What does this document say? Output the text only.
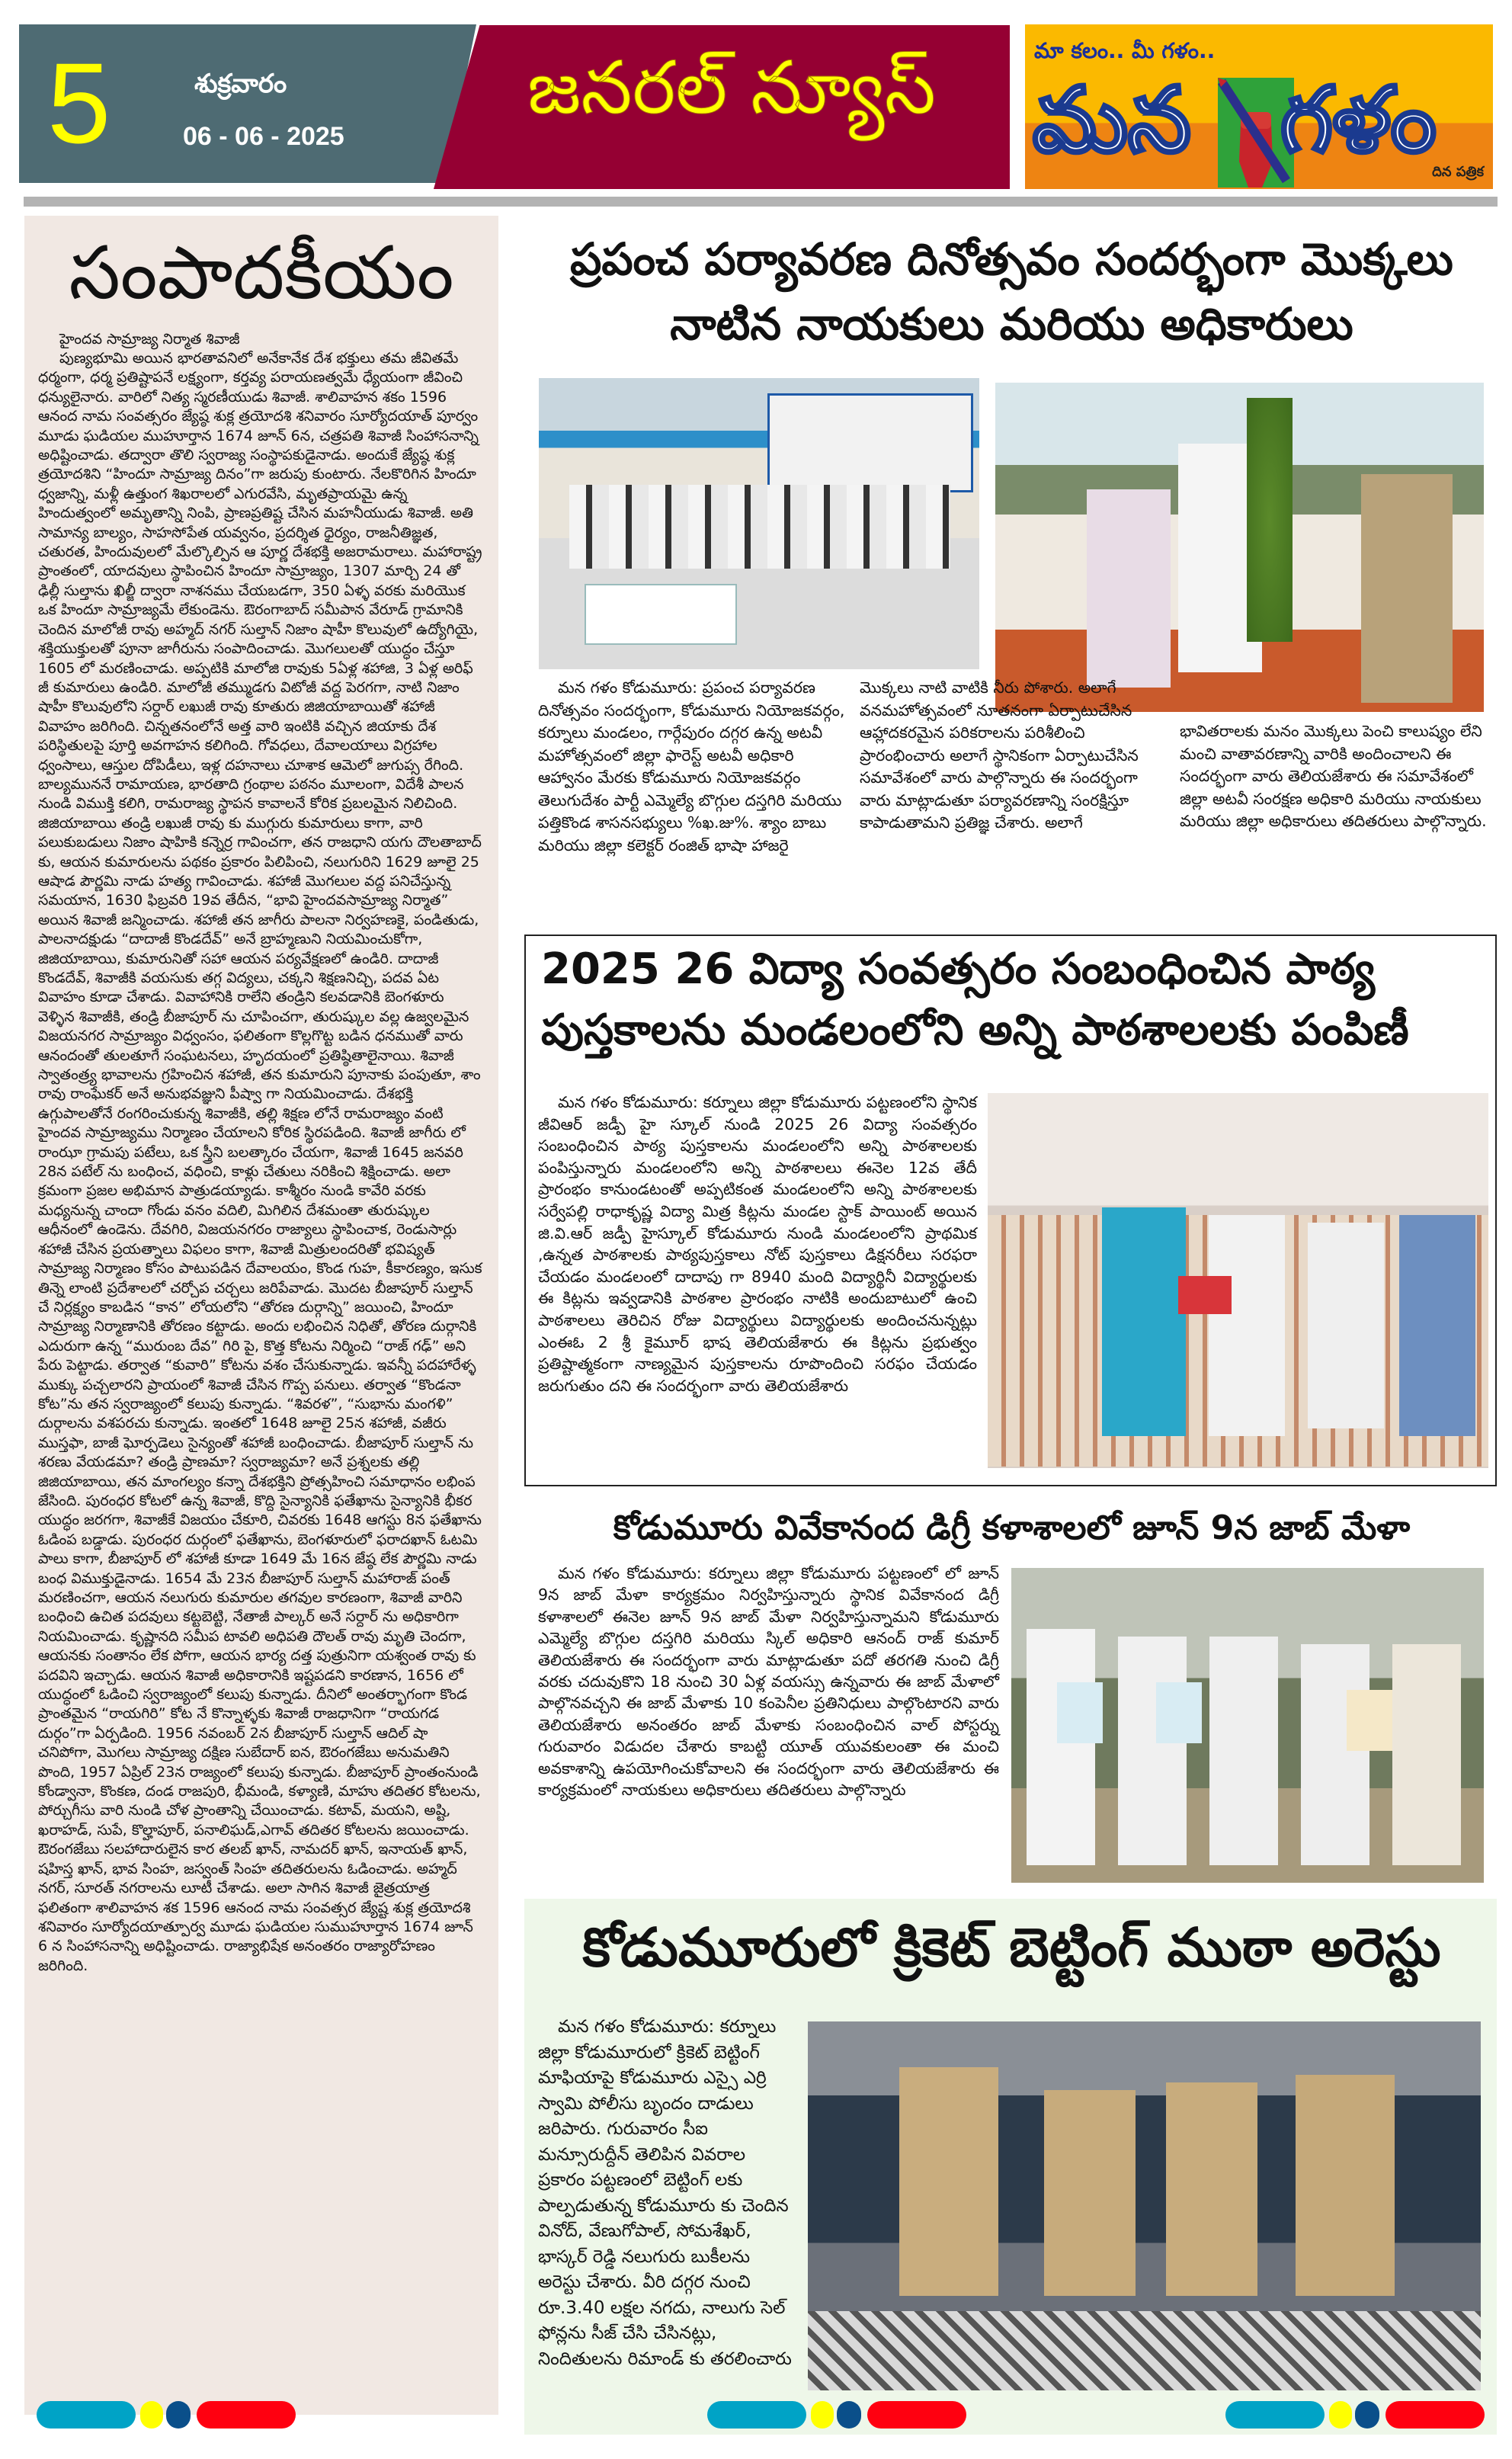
5	శుక్రవారం
06 - 06 - 2025
జనరల్ న్యూస్	మా కలం.. మీ గళం..
మన గళం
దిన పత్రిక
సంపాదకీయం
హైందవ సామ్రాజ్య నిర్మాత శివాజీ

పుణ్యభూమి అయిన భారతావనిలో అనేకానేక దేశ భక్తులు తమ జీవితమే ధర్మంగా, ధర్మ ప్రతిష్టాపనే లక్ష్యంగా, కర్తవ్య పరాయణత్వమే ధ్యేయంగా జీవించి ధన్యులైనారు. వారిలో నిత్య స్మరణీయుడు శివాజీ. శాలివాహన శకం 1596 ఆనంద నామ సంవత్సరం జ్యేష్ఠ శుక్ల త్రయోదశి శనివారం సూర్యోదయాత్ పూర్వం మూడు ఘడియల ముహూర్తాన 1674 జూన్ 6న, చత్రపతి శివాజీ సింహాసనాన్ని అధిష్టించాడు. తద్వారా తొలి స్వరాజ్య సంస్థాపకుడైనాడు. అందుకే జ్యేష్ఠ శుక్ల త్రయోదశిని “హిందూ సామ్రాజ్య దినం”గా జరుపు కుంటారు. నేలకొరిగిన హిందూ ధ్వజాన్ని, మళ్లీ ఉత్తుంగ శిఖరాలలో ఎగురవేసి, మృతప్రాయమై ఉన్న హిందుత్వంలో అమృతాన్ని నింపి, ప్రాణప్రతిష్ట చేసిన మహనీయుడు శివాజీ. అతి సామాన్య బాల్యం, సాహసోపేత యవ్వనం, ప్రదర్శిత ధైర్యం, రాజనీతిజ్ఞత, చతురత, హిందువులలో మేల్కొల్పిన ఆ పూర్ణ దేశభక్తి అజరామరాలు. మహారాష్ట్ర ప్రాంతంలో, యాదవులు స్థాపించిన హిందూ సామ్రాజ్యం, 1307 మార్చి 24 తో ఢిల్లీ సుల్తాను ఖిల్జీ ద్వారా నాశనము చేయబడగా, 350 ఏళ్ళ వరకు మరియొక ఒక హిందూ సామ్రాజ్యమే లేకుండెను. ఔరంగాబాద్ సమీపాన వేరూడ్ గ్రామానికి చెందిన మాలోజీ రావు అహ్మద్ నగర్ సుల్తాన్ నిజాం షాహీ కొలువులో ఉద్యోగియై, శక్తియుక్తులతో పూనా జాగీరును సంపాదించాడు. మొగలులతో యుద్ధం చేస్తూ 1605 లో మరణించాడు. అప్పటికి మాలోజి రావుకు 5ఏళ్ల శహాజి, 3 ఏళ్ల అరిఫ్ జీ కుమారులు ఉండిరి. మాలోజీ తమ్ముడగు విటోజీ వద్ద పెరగగా, నాటి నిజాం షాహీ కొలువులోని సర్దార్ లఖుజీ రావు కూతురు జిజియాబాయితో శహాజీ వివాహం జరిగింది. చిన్నతనంలోనే అత్త వారి ఇంటికి వచ్చిన జియాకు దేశ పరిస్థితులపై పూర్తి అవగాహన కలిగింది. గోవధలు, దేవాలయాలు విగ్రహాల ధ్వంసాలు, ఆస్తుల దోపిడీలు, ఇళ్ల దహనాలు చూశాక ఆమెలో జుగుప్స రేగింది. బాల్యముననే రామాయణ, భారతాది గ్రంథాల పఠనం మూలంగా, విదేశీ పాలన నుండి విముక్తి కలిగి, రామరాజ్య స్థాపన కావాలనే కోరిక ప్రబలమైన నిలిచింది. జిజియాబాయి తండ్రి లఖుజీ రావు కు ముగ్గురు కుమారులు కాగా, వారి పలుకుబడులు నిజాం షాహికి కన్నెర్ర గావించగా, తన రాజధాని యగు దౌలతాబాద్ కు, ఆయన కుమారులను పథకం ప్రకారం పిలిపించి, నలుగురిని 1629 జూలై 25 ఆషాడ పౌర్ణమి నాడు హత్య గావించాడు. శహాజీ మొగలుల వద్ద పనిచేస్తున్న సమయాన, 1630 ఫిబ్రవరి 19వ తేదీన, “భావి హైందవసామ్రాజ్య నిర్మాత” అయిన శివాజీ జన్మించాడు. శహాజీ తన జాగీరు పాలనా నిర్వహణకై, పండితుడు, పాలనాదక్షుడు “దాదాజీ కొండదేవ్” అనే బ్రాహ్మణుని నియమించుకోగా, జిజియాబాయి, కుమారునితో సహా ఆయన పర్యవేక్షణలో ఉండిరి. దాదాజీ కొండదేవ్, శివాజీకి వయసుకు తగ్గ విద్యలు, చక్కని శిక్షణనిచ్చి, పదవ ఏట వివాహం కూడా చేశాడు. వివాహానికి రాలేని తండ్రిని కలవడానికి బెంగళూరు వెళ్ళిన శివాజీకి, తండ్రి బీజాపూర్ ను చూపించగా, తురుష్కుల వల్ల ఉజ్వలమైన విజయనగర సామ్రాజ్యం విధ్వంసం, ఫలితంగా కొల్లగొట్ట బడిన ధనముతో వారు ఆనందంతో తులతూగే సంఘటనలు, హృదయంలో ప్రతిష్ఠితాలైనాయి. శివాజీ స్వాతంత్ర్య భావాలను గ్రహించిన శహాజీ, తన కుమారుని పూనాకు పంపుతూ, శాం రావు రాంఘేకర్ అనే అనుభవజ్ఞుని పీష్వా గా నియమించాడు. దేశభక్తి ఉగ్గుపాలతోనే రంగరించుకున్న శివాజీకి, తల్లి శిక్షణ లోనే రామరాజ్యం వంటి హైందవ సామ్రాజ్యము నిర్మాణం చేయాలని కోరిక స్థిరపడింది. శివాజీ జాగీరు లో రాంఝా గ్రామపు పటేలు, ఒక స్త్రీని బలత్కారం చేయగా, శివాజీ 1645 జనవరి 28న పటేల్ ను బంధించ, వధించి, కాళ్లు చేతులు నరికించి శిక్షించాడు. అలా క్రమంగా ప్రజల అభిమాన పాత్రుడయ్యాడు. కాశ్మీరం నుండి కావేరి వరకు మధ్యనున్న చాందా గోండు వనం వదిలి, మిగిలిన దేశమంతా తురుష్కుల ఆధీనంలో ఉండెను. దేవగిరి, విజయనగరం రాజ్యాలు స్థాపించాక, రెండుసార్లు శహాజీ చేసిన ప్రయత్నాలు విఫలం కాగా, శివాజీ మిత్రులందరితో భవిష్యత్ సామ్రాజ్య నిర్మాణం కోసం పాటుపడిన దేవాలయం, కొండ గుహ, కీకారణ్యం, ఇసుక తిన్నె లాంటి ప్రదేశాలలో చర్చోప చర్చలు జరిపేవాడు. మొదట బీజాపూర్ సుల్తాన్ చే నిర్లక్ష్యం కాబడిన “కాన” లోయలోని “తోరణ దుర్గాన్ని” జయించి, హిందూ సామ్రాజ్య నిర్మాణానికి తోరణం కట్టాడు. అందు లభించిన నిధితో, తోరణ దుర్గానికి ఎదురుగా ఉన్న “మురుంబ దేవ” గిరి పై, కొత్త కోటను నిర్మించి “రాజ్ గఢ్” అని పేరు పెట్టాడు. తర్వాత “కువారి” కోటను వశం చేసుకున్నాడు. ఇవన్నీ పదహారేళ్ళ ముక్కు పచ్చలారని ప్రాయంలో శివాజీ చేసిన గొప్ప పనులు. తర్వాత “కొండనా కోట”ను తన స్వరాజ్యంలో కలుపు కున్నాడు. “శివరళ”, “సుభాను మంగళి” దుర్గాలను వశపరచు కున్నాడు. ఇంతలో 1648 జూలై 25న శహాజీ, వజీరు ముస్తఫా, బాజీ ఘోర్పడెలు సైన్యంతో శహాజీ బంధించాడు. బీజాపూర్ సుల్తాన్ ను శరణు వేయడమా? తండ్రి ప్రాణమా? స్వరాజ్యమా? అనే ప్రశ్నలకు తల్లి జిజియాబాయి, తన మాంగల్యం కన్నా దేశభక్తిని ప్రోత్సహించి సమాధానం లభింప జేసింది. పురంధర కోటలో ఉన్న శివాజీ, కొద్ది సైన్యానికి ఫతేఖాను సైన్యానికి భీకర యుద్ధం జరగగా, శివాజీకే విజయం చేకూరి, చివరకు 1648 ఆగస్టు 8న ఫతేఖాను ఓడింప బడ్డాడు. పురంధర దుర్గంలో ఫతేఖాను, బెంగళూరులో ఫరాదఖాన్ ఓటమి పాలు కాగా, బీజాపూర్ లో శహాజీ కూడా 1649 మే 16న జేష్ఠ లేక పౌర్ణమి నాడు బంధ విముక్తుడైనాడు. 1654 మే 23న బీజాపూర్ సుల్తాన్ మహారాజ్ పంత్ మరణించగా, ఆయన నలుగురు కుమారుల తగవుల కారణంగా, శివాజీ వారిని బంధించి ఉచిత పదవులు కట్టబెట్టి, నేతాజీ పాల్కర్ అనే సర్దార్ ను అధికారిగా నియమించాడు. కృష్ణానది సమీప టావలి అధిపతి దౌలత్ రావు మృతి చెందగా, ఆయనకు సంతానం లేక పోగా, ఆయన భార్య దత్త పుత్రునిగా యశ్వంత రావు కు పదవిని ఇచ్చాడు. ఆయన శివాజీ అధికారానికి ఇష్టపడని కారణాన, 1656 లో యుద్ధంలో ఓడించి స్వరాజ్యంలో కలుపు కున్నాడు. దీనిలో అంతర్భాగంగా కొండ ప్రాంతమైన “రాయగిరి” కోట నే కొన్నాళ్ళకు శివాజీ రాజధానిగా “రాయగడ దుర్గం”గా ఏర్పడింది. 1956 నవంబర్ 2న బీజాపూర్ సుల్తాన్ ఆదిల్ షా చనిపోగా, మొగలు సామ్రాజ్య దక్షిణ సుబేదార్ ఐన, ఔరంగజేబు అనుమతిని పొంది, 1957 ఏప్రిల్ 23న రాజ్యంలో కలుపు కున్నాడు. బీజాపూర్ ప్రాంతంనుండి కోండ్వానా, కొంకణ, దండ రాజపురి, భీమండి, కళ్యాణి, మాహు తదితర కోటలను, పోర్చుగీసు వారి నుండి చోళ ప్రాంతాన్ని చేయించాడు. కటావ్, మయని, అష్టి, ఖరాహడ్, సుపే, కొల్హాపూర్, పనాలిఘడ్,ఎగావ్ తదితర కోటలను జయించాడు. ఔరంగజేబు సలహాదారులైన కార తలబ్ ఖాన్, నామదర్ ఖాన్, ఇనాయత్ ఖాన్, షహిస్త ఖాన్, భావ సింహ, జస్వంత్ సింహ తదితరులను ఓడించాడు. అహ్మద్ నగర్, సూరత్ నగరాలను లూటీ చేశాడు. అలా సాగిన శివాజీ జైత్రయాత్ర ఫలితంగా శాలివాహన శక 1596 ఆనంద నామ సంవత్సర జ్యేష్ట శుక్ల త్రయోదశి శనివారం సూర్యోదయాత్పూర్వ మూడు ఘడియల సుముహూర్తాన 1674 జూన్ 6 న సింహాసనాన్ని అధిష్టించాడు. రాజ్యాభిషేక అనంతరం రాజ్యారోహణం జరిగింది.

ప్రపంచ పర్యావరణ దినోత్సవం సందర్భంగా మొక్కలు
నాటిన నాయకులు మరియు అధికారులు
మన గళం కోడుమూరు: ప్రపంచ పర్యావరణ దినోత్సవం సందర్భంగా, కోడుమూరు నియోజకవర్గం, కర్నూలు మండలం, గార్గేపురం దగ్గర ఉన్న అటవీ మహోత్సవంలో జిల్లా ఫారెస్ట్ అటవీ అధికారి ఆహ్వానం మేరకు కోడుమూరు నియోజకవర్గం తెలుగుదేశం పార్టీ ఎమ్మెల్యే బొగ్గుల దస్తగిరి మరియు పత్తికొండ శాసనసభ్యులు %ఖ.జు%. శ్యాం బాబు మరియు జిల్లా కలెక్టర్ రంజిత్ భాషా హాజరై
మొక్కలు నాటి వాటికి నీరు పోశారు. అలాగే వనమహోత్సవంలో నూతనంగా ఏర్పాటుచేసిన ఆహ్లాదకరమైన పరికరాలను పరిశీలించి ప్రారంభించారు అలాగే స్థానికంగా ఏర్పాటుచేసిన సమావేశంలో వారు పాల్గొన్నారు ఈ సందర్భంగా వారు మాట్లాడుతూ పర్యావరణాన్ని సంరక్షిస్తూ కాపాడుతామని ప్రతిజ్ఞ చేశారు. అలాగే
భావితరాలకు మనం మొక్కలు పెంచి కాలుష్యం లేని మంచి వాతావరణాన్ని వారికి అందించాలని ఈ సందర్భంగా వారు తెలియజేశారు ఈ సమావేశంలో జిల్లా అటవీ సంరక్షణ అధికారి మరియు నాయకులు మరియు జిల్లా అధికారులు తదితరులు పాల్గొన్నారు.
2025 26 విద్యా సంవత్సరం సంబంధించిన పాఠ్య
పుస్తకాలను మండలంలోని అన్ని పాఠశాలలకు పంపిణీ
మన గళం కోడుమూరు: కర్నూలు జిల్లా కోడుమూరు పట్టణంలోని స్థానిక జీవిఆర్ జడ్పీ హై స్కూల్ నుండి 2025 26 విద్యా సంవత్సరం సంబంధించిన పాఠ్య పుస్తకాలను మండలంలోని అన్ని పాఠశాలలకు పంపిస్తున్నారు మండలంలోని అన్ని పాఠశాలలు ఈనెల 12వ తేదీ ప్రారంభం కానుండటంతో అప్పటికంత మండలంలోని అన్ని పాఠశాలలకు సర్వేపల్లి రాధాకృష్ణ విద్యా మిత్ర కిట్లను మండల స్టాక్ పాయింట్ అయిన జి.వి.ఆర్ జడ్పీ హైస్కూల్ కోడుమూరు నుండి మండలంలోని ప్రాథమిక ,ఉన్నత పాఠశాలకు పాఠ్యపుస్తకాలు నోట్ పుస్తకాలు డిక్షనరీలు సరఫరా చేయడం మండలంలో దాదాపు గా 8940 మంది విద్యార్థినీ విద్యార్థులకు ఈ కిట్లను ఇవ్వడానికి పాఠశాల ప్రారంభం నాటికి అందుబాటులో ఉంచి పాఠశాలలు తెరిచిన రోజు విద్యార్థులు విద్యార్థులకు అందించనున్నట్లు ఎంఈఓ 2 శ్రీ కైమూర్ భాష తెలియజేశారు ఈ కిట్లను ప్రభుత్వం ప్రతిష్టాత్మకంగా నాణ్యమైన పుస్తకాలను రూపొందించి సరఫం చేయడం జరుగుతుం దని ఈ సందర్భంగా వారు తెలియజేశారు
కోడుమూరు వివేకానంద డిగ్రీ కళాశాలలో జూన్ 9న జాబ్ మేళా
మన గళం కోడుమూరు: కర్నూలు జిల్లా కోడుమూరు పట్టణంలో లో జూన్ 9న జాబ్ మేళా కార్యక్రమం నిర్వహిస్తున్నారు స్థానిక వివేకానంద డిగ్రీ కళాశాలలో ఈనెల జూన్ 9న జాబ్ మేళా నిర్వహిస్తున్నామని కోడుమూరు ఎమ్మెల్యే బొగ్గుల దస్తగిరి మరియు స్కిల్ అధికారి ఆనంద్ రాజ్ కుమార్ తెలియజేశారు ఈ సందర్భంగా వారు మాట్లాడుతూ పదో తరగతి నుంచి డిగ్రీ వరకు చదువుకొని 18 నుంచి 30 ఏళ్ల వయస్సు ఉన్నవారు ఈ జాబ్ మేళాలో పాల్గొనవచ్చని ఈ జాబ్ మేళాకు 10 కంపెనీల ప్రతినిధులు పాల్గొంటారని వారు తెలియజేశారు అనంతరం జాబ్ మేళాకు సంబంధించిన వాల్ పోస్టర్ను గురువారం విడుదల చేశారు కాబట్టి యూత్ యువకులంతా ఈ మంచి అవకాశాన్ని ఉపయోగించుకోవాలని ఈ సందర్భంగా వారు తెలియజేశారు ఈ కార్యక్రమంలో నాయకులు అధికారులు తదితరులు పాల్గొన్నారు
కోడుమూరులో క్రికెట్ బెట్టింగ్ ముఠా అరెస్టు
మన గళం కోడుమూరు: కర్నూలు జిల్లా కోడుమూరులో క్రికెట్ బెట్టింగ్ మాఫియాపై కోడుమూరు ఎస్సై ఎర్రి స్వామి పోలీసు బృందం దాడులు జరిపారు. గురువారం సీఐ మన్సూరుద్దీన్ తెలిపిన వివరాల ప్రకారం పట్టణంలో బెట్టింగ్ లకు పాల్పడుతున్న కోడుమూరు కు చెందిన వినోద్, వేణుగోపాల్, సోమశేఖర్, భాస్కర్ రెడ్డి నలుగురు బుకీలను అరెస్టు చేశారు. వీరి దగ్గర నుంచి రూ.3.40 లక్షల నగదు, నాలుగు సెల్ ఫోన్లను సీజ్ చేసి చేసినట్లు, నిందితులను రిమాండ్ కు తరలించారు
